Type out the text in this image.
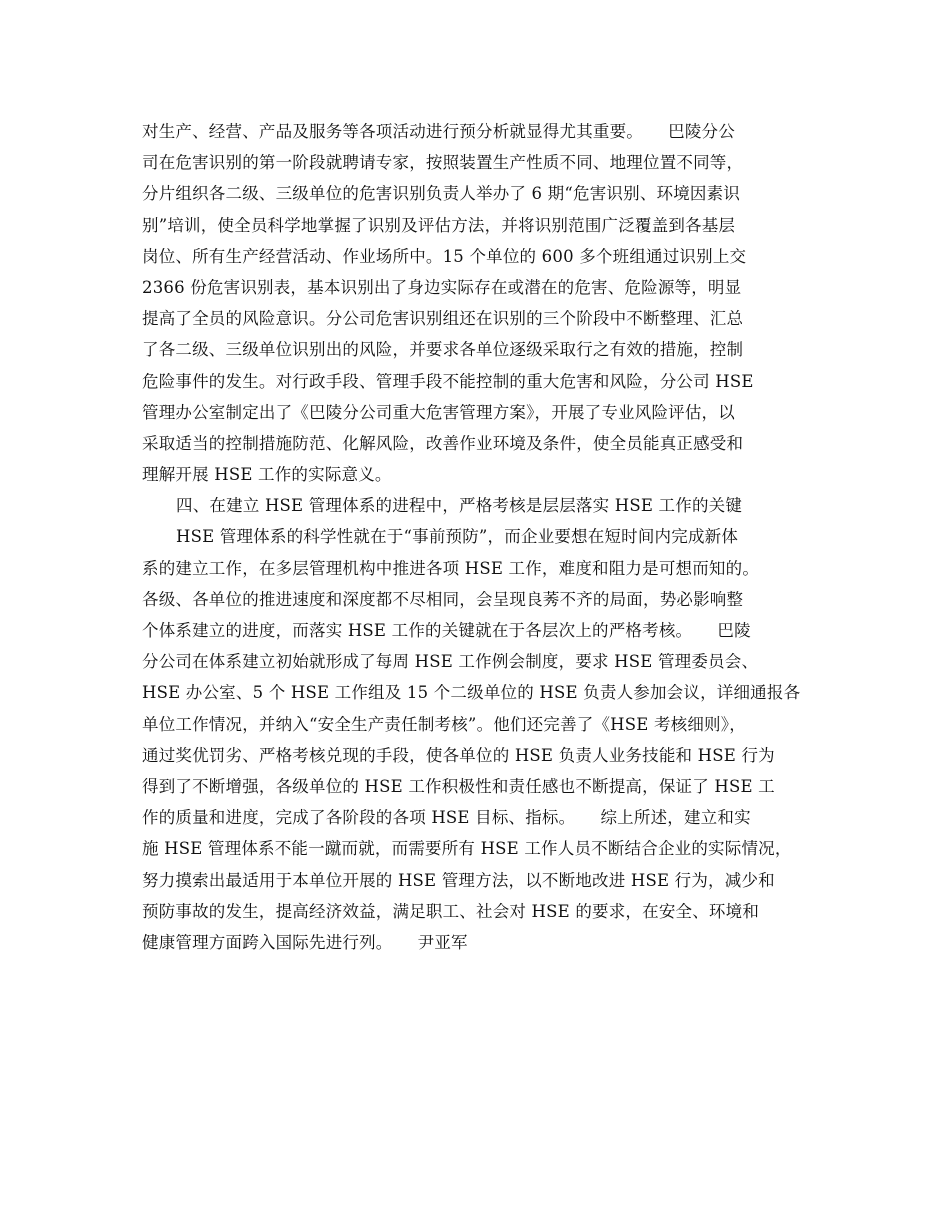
对生产、经营、产品及服务等各项活动进行预分析就显得尤其重要。　　巴陵分公
司在危害识别的第一阶段就聘请专家，按照装置生产性质不同、地理位置不同等，
分片组织各二级、三级单位的危害识别负责人举办了 6 期“危害识别、环境因素识
别”培训，使全员科学地掌握了识别及评估方法，并将识别范围广泛覆盖到各基层
岗位、所有生产经营活动、作业场所中。15 个单位的 600 多个班组通过识别上交
2366 份危害识别表，基本识别出了身边实际存在或潜在的危害、危险源等，明显
提高了全员的风险意识。分公司危害识别组还在识别的三个阶段中不断整理、汇总
了各二级、三级单位识别出的风险，并要求各单位逐级采取行之有效的措施，控制
危险事件的发生。对行政手段、管理手段不能控制的重大危害和风险，分公司 HSE
管理办公室制定出了《巴陵分公司重大危害管理方案》，开展了专业风险评估，以
采取适当的控制措施防范、化解风险，改善作业环境及条件，使全员能真正感受和
理解开展 HSE 工作的实际意义。
四、在建立 HSE 管理体系的进程中，严格考核是层层落实 HSE 工作的关键
HSE 管理体系的科学性就在于“事前预防”，而企业要想在短时间内完成新体
系的建立工作，在多层管理机构中推进各项 HSE 工作，难度和阻力是可想而知的。
各级、各单位的推进速度和深度都不尽相同，会呈现良莠不齐的局面，势必影响整
个体系建立的进度，而落实 HSE 工作的关键就在于各层次上的严格考核。　　巴陵
分公司在体系建立初始就形成了每周 HSE 工作例会制度，要求 HSE 管理委员会、
HSE 办公室、5 个 HSE 工作组及 15 个二级单位的 HSE 负责人参加会议，详细通报各
单位工作情况，并纳入“安全生产责任制考核”。他们还完善了《HSE 考核细则》，
通过奖优罚劣、严格考核兑现的手段，使各单位的 HSE 负责人业务技能和 HSE 行为
得到了不断增强，各级单位的 HSE 工作积极性和责任感也不断提高，保证了 HSE 工
作的质量和进度，完成了各阶段的各项 HSE 目标、指标。　　综上所述，建立和实
施 HSE 管理体系不能一蹴而就，而需要所有 HSE 工作人员不断结合企业的实际情况，
努力摸索出最适用于本单位开展的 HSE 管理方法，以不断地改进 HSE 行为，减少和
预防事故的发生，提高经济效益，满足职工、社会对 HSE 的要求，在安全、环境和
健康管理方面跨入国际先进行列。　　尹亚军
